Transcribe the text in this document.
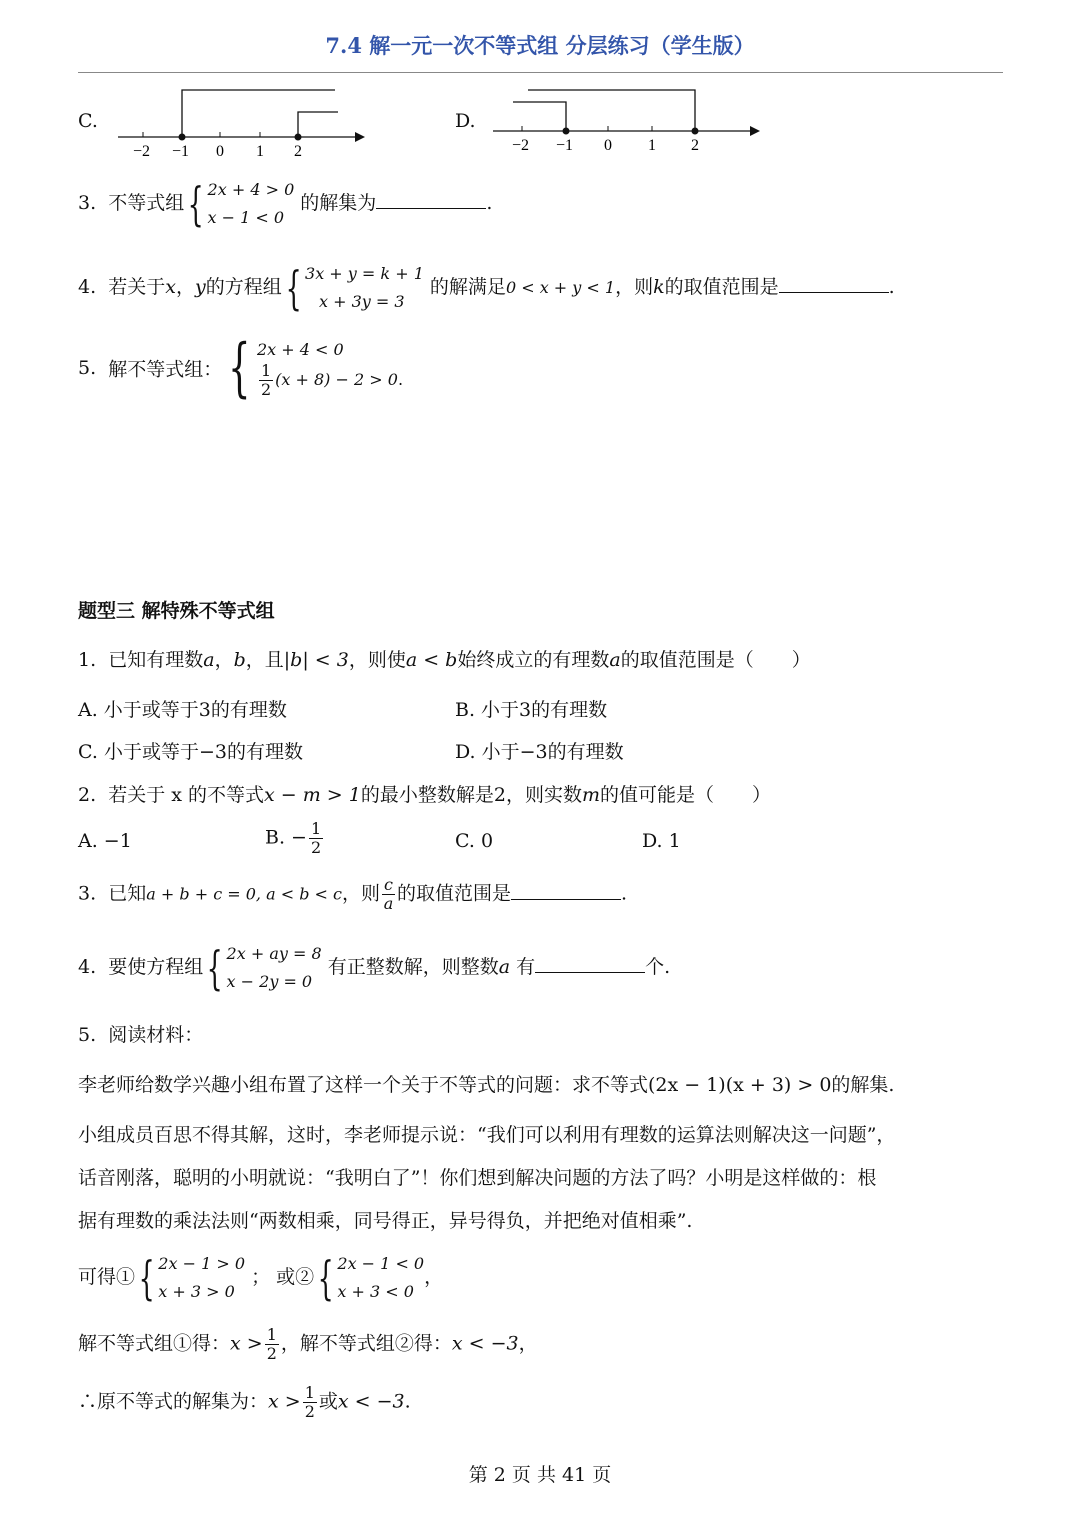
7.4 解一元一次不等式组 分层练习（学生版）
C.
−2 −1 0 1 2
D.
−2 −1 0 1 2
3. 不等式组{ 2x + 4 > 0
x − 1 < 0
的解集为	.
4. 若关于x，y的方程组{ 3x + y = k + 1
x + 3y = 3
的解满足0 < x + y < 1，则k的取值范围是	.
5. 解不等式组：{ 2x + 4 < 0
$\frac{1}{2} (x + 8) - 2 > 0$.
题型三 解特殊不等式组
1. 已知有理数a，b，且|b| < 3，则使a < b始终成立的有理数a的取值范围是（　　）
A. 小于或等于3的有理数	B. 小于3的有理数
C. 小于或等于−3的有理数	D. 小于−3的有理数
2. 若关于 x 的不等式x − m > 1的最小整数解是2，则实数m的值可能是（　　）
A. −1	B. − $\frac{1}{2}$	C. 0	D. 1
3. 已知a + b + c = 0, a < b < c，则 $\frac{c}{a}$ 的取值范围是	.
4. 要使方程组{ 2x + ay = 8
x − 2y = 0
有正整数解，则整数a 有	个.
5. 阅读材料：
李老师给数学兴趣小组布置了这样一个关于不等式的问题：求不等式(2x − 1)(x + 3) > 0的解集.
小组成员百思不得其解，这时，李老师提示说：“我们可以利用有理数的运算法则解决这一问题”，
话音刚落，聪明的小明就说：“我明白了”！你们想到解决问题的方法了吗？小明是这样做的：根
据有理数的乘法法则“两数相乘，同号得正，异号得负，并把绝对值相乘”.
可得①{ 2x − 1 > 0
x + 3 > 0
； 或②{ 2x − 1 < 0
x + 3 < 0
，
解不等式组①得：$x > \frac{1}{2}$ ，解不等式组②得：x < −3，
∴原不等式的解集为：$x > \frac{1}{2}$ 或x < −3.
第 2 页 共 41 页
